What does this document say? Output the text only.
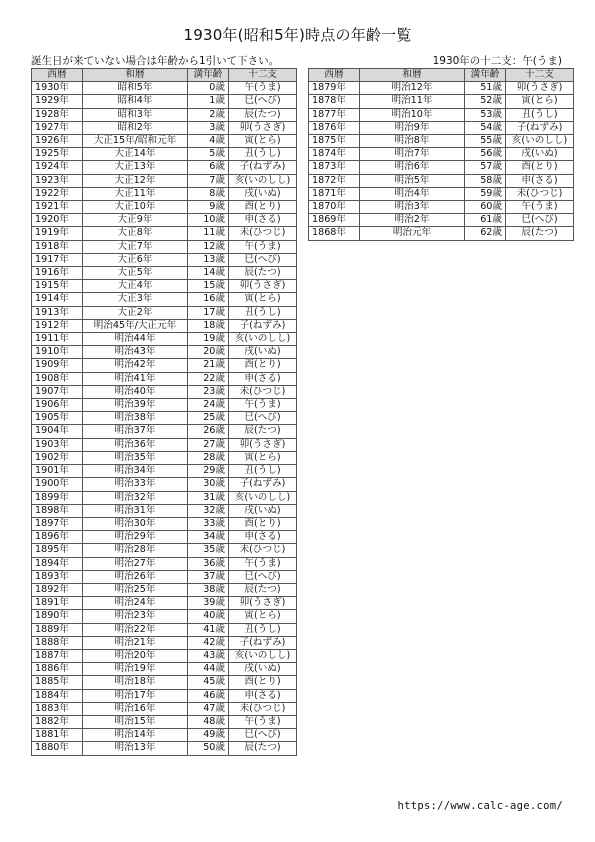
1930年(昭和5年)時点の年齢一覧
誕生日が来ていない場合は年齢から1引いて下さい。	1930年の十二支：午(うま)
西暦	和暦	満年齢	十二支
1930年	昭和5年	0歳	午(うま)
1929年	昭和4年	1歳	巳(へび)
1928年	昭和3年	2歳	辰(たつ)
1927年	昭和2年	3歳	卯(うさぎ)
1926年	大正15年/昭和元年	4歳	寅(とら)
1925年	大正14年	5歳	丑(うし)
1924年	大正13年	6歳	子(ねずみ)
1923年	大正12年	7歳	亥(いのしし)
1922年	大正11年	8歳	戌(いぬ)
1921年	大正10年	9歳	酉(とり)
1920年	大正9年	10歳	申(さる)
1919年	大正8年	11歳	未(ひつじ)
1918年	大正7年	12歳	午(うま)
1917年	大正6年	13歳	巳(へび)
1916年	大正5年	14歳	辰(たつ)
1915年	大正4年	15歳	卯(うさぎ)
1914年	大正3年	16歳	寅(とら)
1913年	大正2年	17歳	丑(うし)
1912年	明治45年/大正元年	18歳	子(ねずみ)
1911年	明治44年	19歳	亥(いのしし)
1910年	明治43年	20歳	戌(いぬ)
1909年	明治42年	21歳	酉(とり)
1908年	明治41年	22歳	申(さる)
1907年	明治40年	23歳	未(ひつじ)
1906年	明治39年	24歳	午(うま)
1905年	明治38年	25歳	巳(へび)
1904年	明治37年	26歳	辰(たつ)
1903年	明治36年	27歳	卯(うさぎ)
1902年	明治35年	28歳	寅(とら)
1901年	明治34年	29歳	丑(うし)
1900年	明治33年	30歳	子(ねずみ)
1899年	明治32年	31歳	亥(いのしし)
1898年	明治31年	32歳	戌(いぬ)
1897年	明治30年	33歳	酉(とり)
1896年	明治29年	34歳	申(さる)
1895年	明治28年	35歳	未(ひつじ)
1894年	明治27年	36歳	午(うま)
1893年	明治26年	37歳	巳(へび)
1892年	明治25年	38歳	辰(たつ)
1891年	明治24年	39歳	卯(うさぎ)
1890年	明治23年	40歳	寅(とら)
1889年	明治22年	41歳	丑(うし)
1888年	明治21年	42歳	子(ねずみ)
1887年	明治20年	43歳	亥(いのしし)
1886年	明治19年	44歳	戌(いぬ)
1885年	明治18年	45歳	酉(とり)
1884年	明治17年	46歳	申(さる)
1883年	明治16年	47歳	未(ひつじ)
1882年	明治15年	48歳	午(うま)
1881年	明治14年	49歳	巳(へび)
1880年	明治13年	50歳	辰(たつ)
西暦	和暦	満年齢	十二支
1879年	明治12年	51歳	卯(うさぎ)
1878年	明治11年	52歳	寅(とら)
1877年	明治10年	53歳	丑(うし)
1876年	明治9年	54歳	子(ねずみ)
1875年	明治8年	55歳	亥(いのしし)
1874年	明治7年	56歳	戌(いぬ)
1873年	明治6年	57歳	酉(とり)
1872年	明治5年	58歳	申(さる)
1871年	明治4年	59歳	未(ひつじ)
1870年	明治3年	60歳	午(うま)
1869年	明治2年	61歳	巳(へび)
1868年	明治元年	62歳	辰(たつ)
https://www.calc-age.com/
